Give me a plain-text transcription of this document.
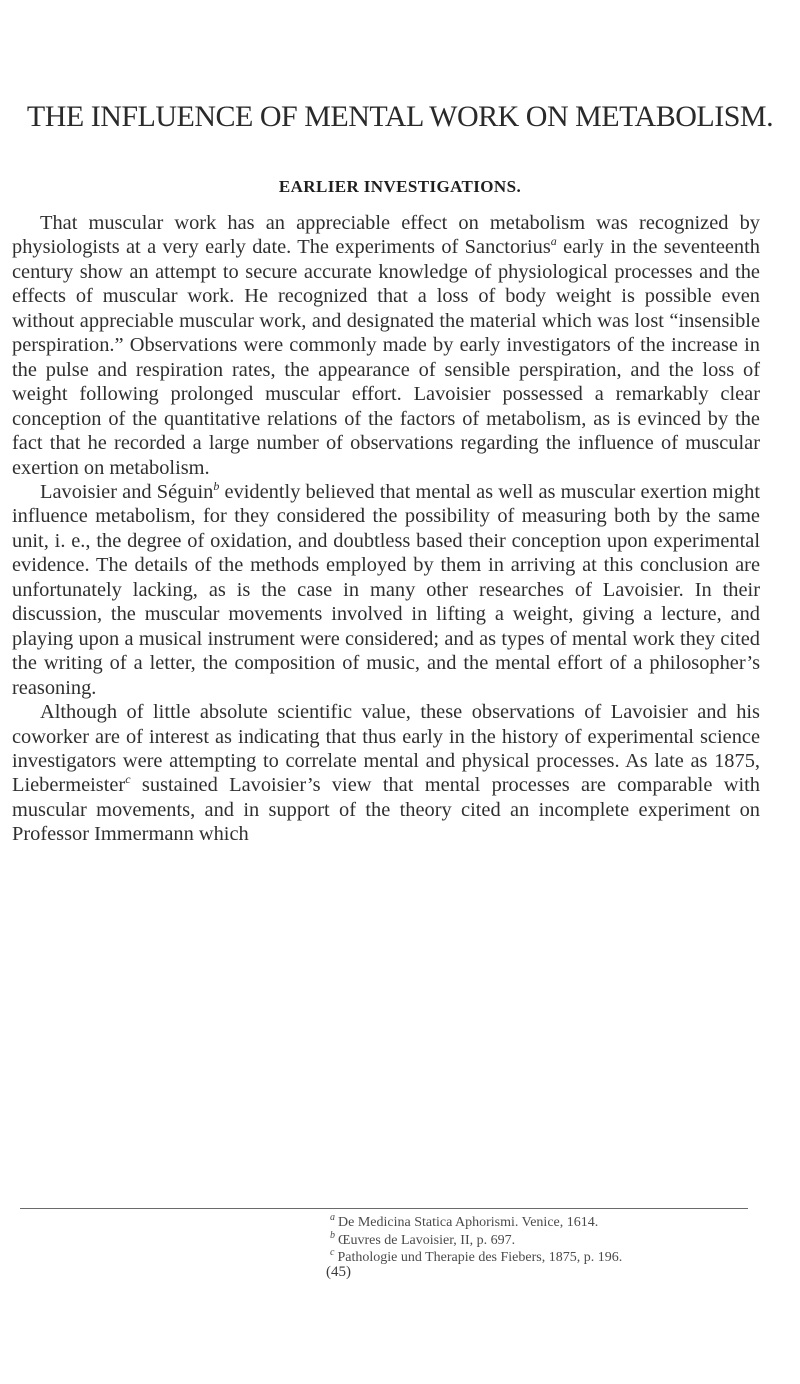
THE INFLUENCE OF MENTAL WORK ON METABOLISM.
EARLIER INVESTIGATIONS.

That muscular work has an appreciable effect on metabolism was recognized by physiologists at a very early date. The experiments of Sanctorius$^a$ early in the seventeenth century show an attempt to secure accurate knowledge of physiological processes and the effects of muscular work. He recognized that a loss of body weight is possible even without appreciable muscular work, and designated the material which was lost “insensible perspiration.” Observations were commonly made by early investigators of the increase in the pulse and respiration rates, the appearance of sensible perspiration, and the loss of weight following prolonged muscular effort. Lavoisier possessed a remarkably clear conception of the quantitative relations of the factors of metabolism, as is evinced by the fact that he recorded a large number of observations regarding the influence of muscular exertion on metabolism.

Lavoisier and Séguin$^b$ evidently believed that mental as well as muscular exertion might influence metabolism, for they considered the possibility of measuring both by the same unit, i. e., the degree of oxidation, and doubtless based their conception upon experimental evidence. The details of the methods employed by them in arriving at this conclusion are unfortunately lacking, as is the case in many other researches of Lavoisier. In their discussion, the muscular movements involved in lifting a weight, giving a lecture, and playing upon a musical instrument were considered; and as types of mental work they cited the writing of a letter, the composition of music, and the mental effort of a philosopher’s reasoning.

Although of little absolute scientific value, these observations of Lavoisier and his coworker are of interest as indicating that thus early in the history of experimental science investigators were attempting to correlate mental and physical processes. As late as 1875, Liebermeister$^c$ sustained Lavoisier’s view that mental processes are comparable with muscular movements, and in support of the theory cited an incomplete experiment on Professor Immermann which

$^a$ De Medicina Statica Aphorismi. Venice, 1614.
$^b$ Œuvres de Lavoisier, II, p. 697.
$^c$ Pathologie und Therapie des Fiebers, 1875, p. 196.
(45)
